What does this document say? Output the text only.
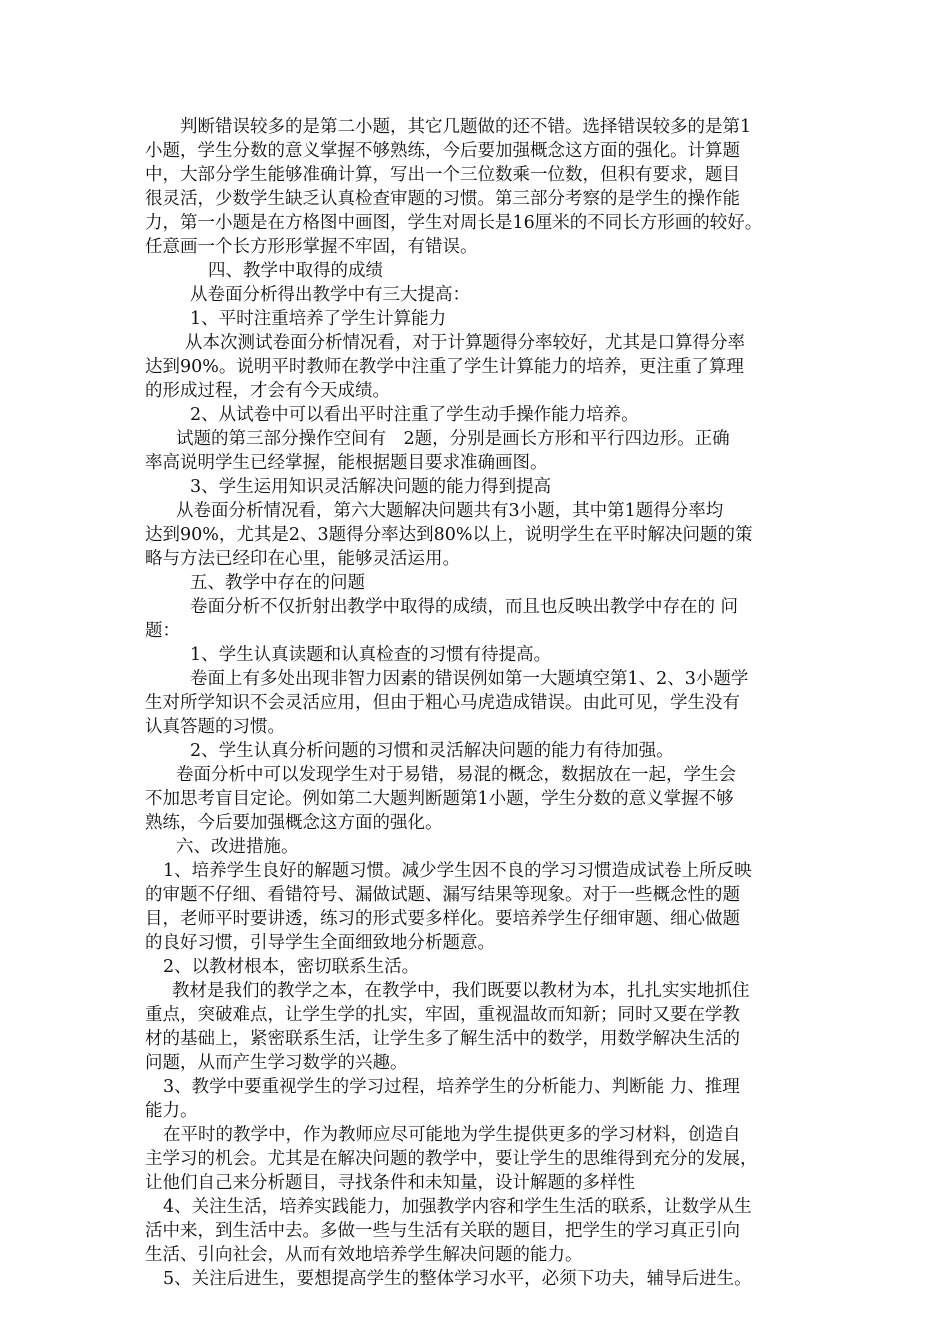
判断错误较多的是第二小题，其它几题做的还不错。选择错误较多的是第1
小题，学生分数的意义掌握不够熟练，今后要加强概念这方面的强化。计算题
中，大部分学生能够准确计算，写出一个三位数乘一位数，但积有要求，题目
很灵活，少数学生缺乏认真检查审题的习惯。第三部分考察的是学生的操作能
力，第一小题是在方格图中画图，学生对周长是16厘米的不同长方形画的较好。
任意画一个长方形形掌握不牢固，有错误。
四、教学中取得的成绩
从卷面分析得出教学中有三大提高：
1、平时注重培养了学生计算能力
从本次测试卷面分析情况看，对于计算题得分率较好，尤其是口算得分率
达到90%。说明平时教师在教学中注重了学生计算能力的培养，更注重了算理
的形成过程，才会有今天成绩。
2、从试卷中可以看出平时注重了学生动手操作能力培养。
试题的第三部分操作空间有　2题，分别是画长方形和平行四边形。正确
率高说明学生已经掌握，能根据题目要求准确画图。
3、学生运用知识灵活解决问题的能力得到提高
从卷面分析情况看，第六大题解决问题共有3小题，其中第1题得分率均
达到90%，尤其是2、3题得分率达到80%以上，说明学生在平时解决问题的策
略与方法已经印在心里，能够灵活运用。
五、教学中存在的问题
卷面分析不仅折射出教学中取得的成绩，而且也反映出教学中存在的 问
题：
1、学生认真读题和认真检查的习惯有待提高。
卷面上有多处出现非智力因素的错误例如第一大题填空第1、2、3小题学
生对所学知识不会灵活应用，但由于粗心马虎造成错误。由此可见，学生没有
认真答题的习惯。
2、学生认真分析问题的习惯和灵活解决问题的能力有待加强。
卷面分析中可以发现学生对于易错，易混的概念，数据放在一起，学生会
不加思考盲目定论。例如第二大题判断题第1小题，学生分数的意义掌握不够
熟练，今后要加强概念这方面的强化。
六、改进措施。
1、培养学生良好的解题习惯。减少学生因不良的学习习惯造成试卷上所反映
的审题不仔细、看错符号、漏做试题、漏写结果等现象。对于一些概念性的题
目，老师平时要讲透，练习的形式要多样化。要培养学生仔细审题、细心做题
的良好习惯，引导学生全面细致地分析题意。
2、以教材根本，密切联系生活。
教材是我们的教学之本，在教学中，我们既要以教材为本，扎扎实实地抓住
重点，突破难点，让学生学的扎实，牢固，重视温故而知新；同时又要在学教
材的基础上，紧密联系生活，让学生多了解生活中的数学，用数学解决生活的
问题，从而产生学习数学的兴趣。
3、教学中要重视学生的学习过程，培养学生的分析能力、判断能 力、推理
能力。
在平时的教学中，作为教师应尽可能地为学生提供更多的学习材料，创造自
主学习的机会。尤其是在解决问题的教学中，要让学生的思维得到充分的发展，
让他们自己来分析题目，寻找条件和未知量，设计解题的多样性
4、关注生活，培养实践能力，加强教学内容和学生生活的联系，让数学从生
活中来，到生活中去。多做一些与生活有关联的题目，把学生的学习真正引向
生活、引向社会，从而有效地培养学生解决问题的能力。
5、关注后进生，要想提高学生的整体学习水平，必须下功夫，辅导后进生。
